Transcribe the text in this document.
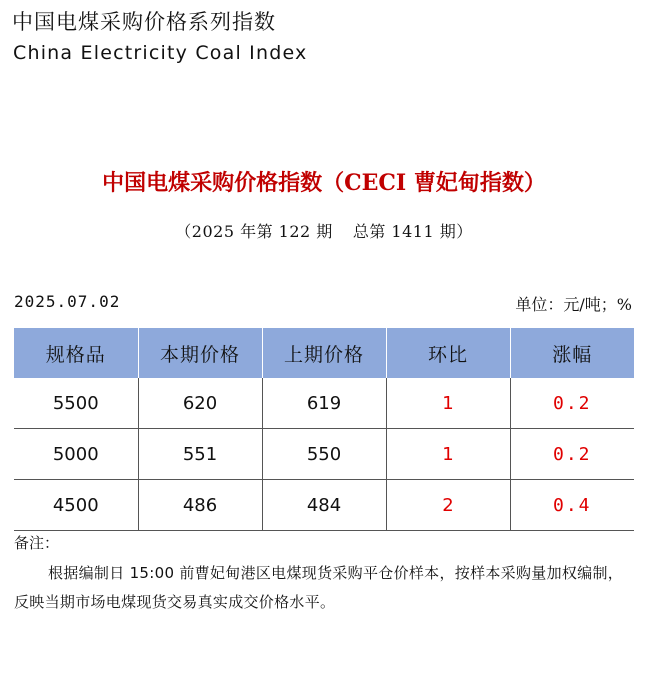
中国电煤采购价格系列指数
China Electricity Coal Index
中国电煤采购价格指数（CECI 曹妃甸指数）
（2025 年第 122 期 总第 1411 期）
2025.07.02	单位：元/吨；%
规格品	本期价格	上期价格	环比	涨幅
5500	620	619	1	0.2
5000	551	550	1	0.2
4500	486	484	2	0.4
备注：
根据编制日 15:00 前曹妃甸港区电煤现货采购平仓价样本，按样本采购量加权编制，反映当期市场电煤现货交易真实成交价格水平。
